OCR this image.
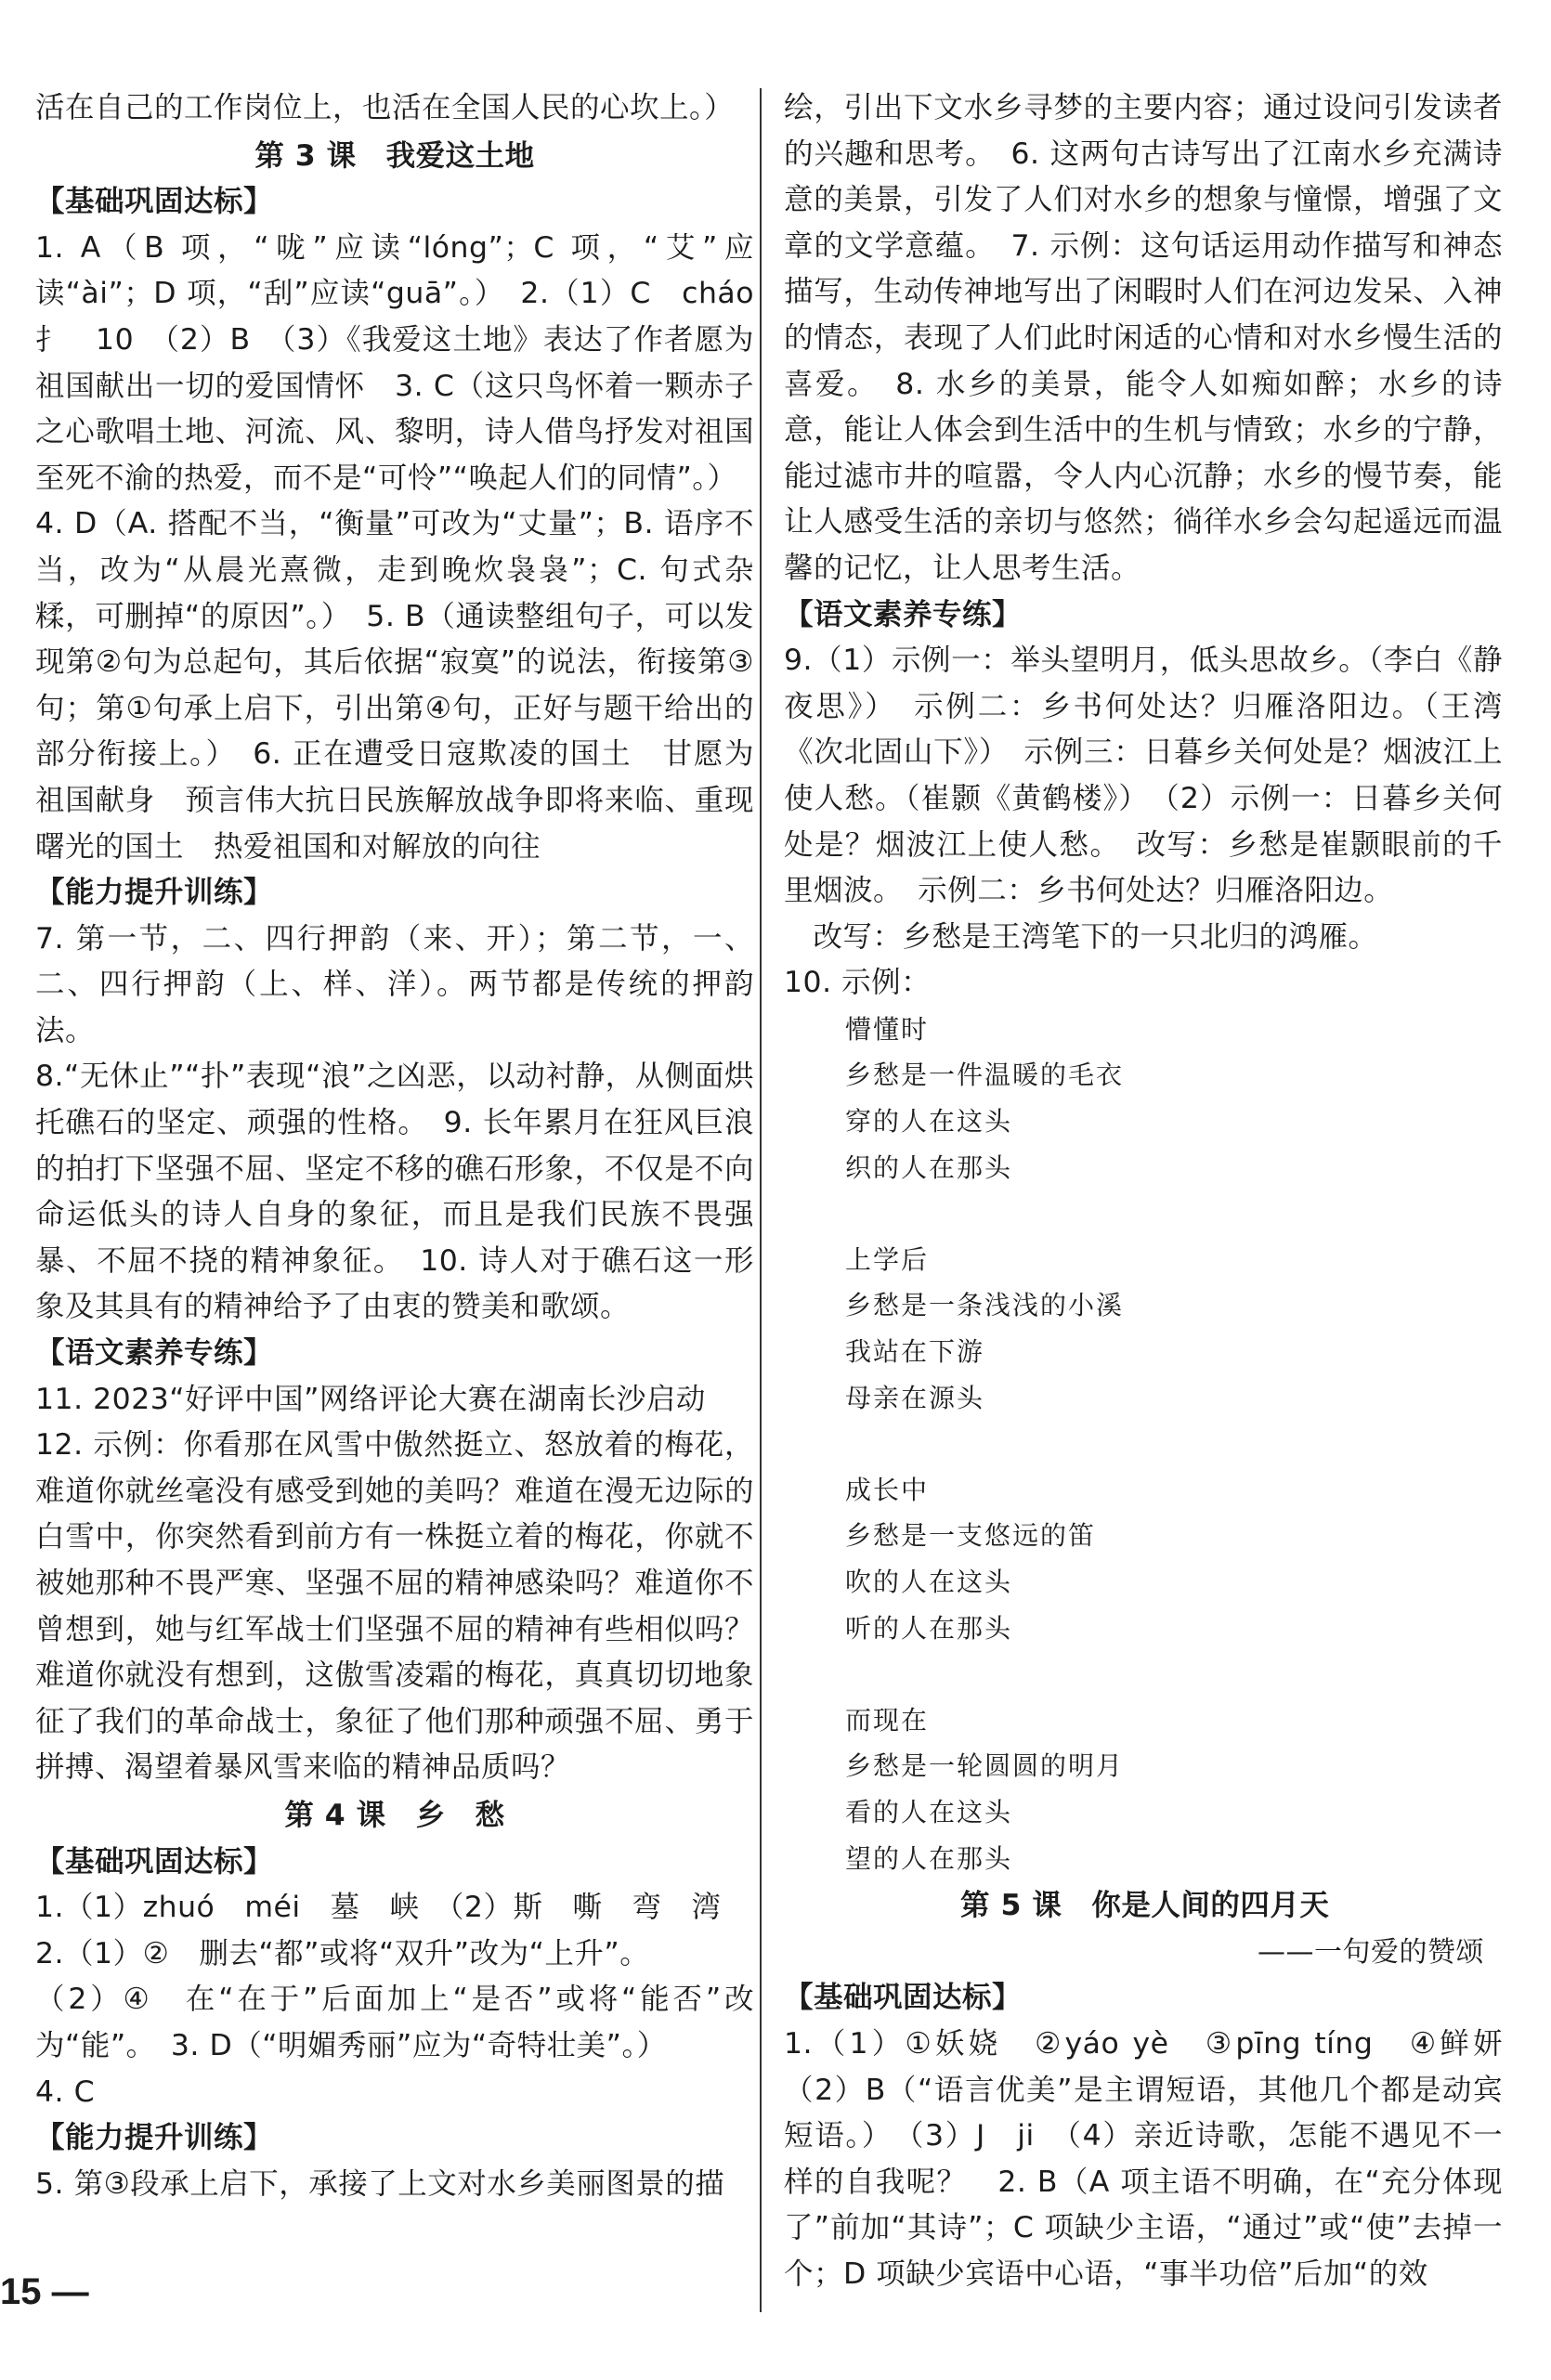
活在自己的工作岗位上，也活在全国人民的心坎上。）

第 3 课　我爱这土地
【基础巩固达标】

1. A（B 项，“咙”应读“lóng”；C 项，“艾”应读“ài”；D 项，“刮”应读“guā”。）　2.（1）C　cháo　扌　10　（2）B　（3）《我爱这土地》表达了作者愿为祖国献出一切的爱国情怀　3. C（这只鸟怀着一颗赤子之心歌唱土地、河流、风、黎明，诗人借鸟抒发对祖国至死不渝的热爱，而不是“可怜”“唤起人们的同情”。）

4. D（A. 搭配不当，“衡量”可改为“丈量”；B. 语序不当，改为“从晨光熹微，走到晚炊袅袅”；C. 句式杂糅，可删掉“的原因”。）　5. B（通读整组句子，可以发现第②句为总起句，其后依据“寂寞”的说法，衔接第③句；第①句承上启下，引出第④句，正好与题干给出的部分衔接上。）　6. 正在遭受日寇欺凌的国土　甘愿为祖国献身　预言伟大抗日民族解放战争即将来临、重现曙光的国土　热爱祖国和对解放的向往

【能力提升训练】

7. 第一节，二、四行押韵（来、开）；第二节，一、二、四行押韵（上、样、洋）。两节都是传统的押韵法。

8.“无休止”“扑”表现“浪”之凶恶，以动衬静，从侧面烘托礁石的坚定、顽强的性格。　9. 长年累月在狂风巨浪的拍打下坚强不屈、坚定不移的礁石形象，不仅是不向命运低头的诗人自身的象征，而且是我们民族不畏强暴、不屈不挠的精神象征。　10. 诗人对于礁石这一形象及其具有的精神给予了由衷的赞美和歌颂。

【语文素养专练】

11. 2023“好评中国”网络评论大赛在湖南长沙启动

12. 示例：你看那在风雪中傲然挺立、怒放着的梅花，难道你就丝毫没有感受到她的美吗？难道在漫无边际的白雪中，你突然看到前方有一株挺立着的梅花，你就不被她那种不畏严寒、坚强不屈的精神感染吗？难道你不曾想到，她与红军战士们坚强不屈的精神有些相似吗？难道你就没有想到，这傲雪凌霜的梅花，真真切切地象征了我们的革命战士，象征了他们那种顽强不屈、勇于拼搏、渴望着暴风雪来临的精神品质吗？

第 4 课　乡　愁
【基础巩固达标】

1.（1）zhuó　méi　墓　峡　（2）斯　嘶　弯　湾

2.（1）②　删去“都”或将“双升”改为“上升”。

（2）④　在“在于”后面加上“是否”或将“能否”改为“能”。　3. D（“明媚秀丽”应为“奇特壮美”。）

4. C

【能力提升训练】

5. 第③段承上启下，承接了上文对水乡美丽图景的描

绘，引出下文水乡寻梦的主要内容；通过设问引发读者的兴趣和思考。　6. 这两句古诗写出了江南水乡充满诗意的美景，引发了人们对水乡的想象与憧憬，增强了文章的文学意蕴。　7. 示例：这句话运用动作描写和神态描写，生动传神地写出了闲暇时人们在河边发呆、入神的情态，表现了人们此时闲适的心情和对水乡慢生活的喜爱。　8. 水乡的美景，能令人如痴如醉；水乡的诗意，能让人体会到生活中的生机与情致；水乡的宁静，能过滤市井的喧嚣，令人内心沉静；水乡的慢节奏，能让人感受生活的亲切与悠然；徜徉水乡会勾起遥远而温馨的记忆，让人思考生活。

【语文素养专练】

9.（1）示例一：举头望明月，低头思故乡。（李白《静夜思》）　示例二：乡书何处达？归雁洛阳边。（王湾《次北固山下》）　示例三：日暮乡关何处是？烟波江上使人愁。（崔颢《黄鹤楼》）　（2）示例一：日暮乡关何处是？烟波江上使人愁。　改写：乡愁是崔颢眼前的千里烟波。　示例二：乡书何处达？归雁洛阳边。

改写：乡愁是王湾笔下的一只北归的鸿雁。

10. 示例：

懵懂时
乡愁是一件温暖的毛衣
穿的人在这头
织的人在那头
上学后
乡愁是一条浅浅的小溪
我站在下游
母亲在源头
成长中
乡愁是一支悠远的笛
吹的人在这头
听的人在那头
而现在
乡愁是一轮圆圆的明月
看的人在这头
望的人在那头
第 5 课　你是人间的四月天
——一句爱的赞颂
【基础巩固达标】

1.（1）①妖娆　②yáo yè　③pīng tíng　④鲜妍　（2）B（“语言优美”是主谓短语，其他几个都是动宾短语。）　（3）J　ji　（4）亲近诗歌，怎能不遇见不一样的自我呢？　2. B（A 项主语不明确，在“充分体现了”前加“其诗”；C 项缺少主语，“通过”或“使”去掉一个；D 项缺少宾语中心语，“事半功倍”后加“的效

15 —
